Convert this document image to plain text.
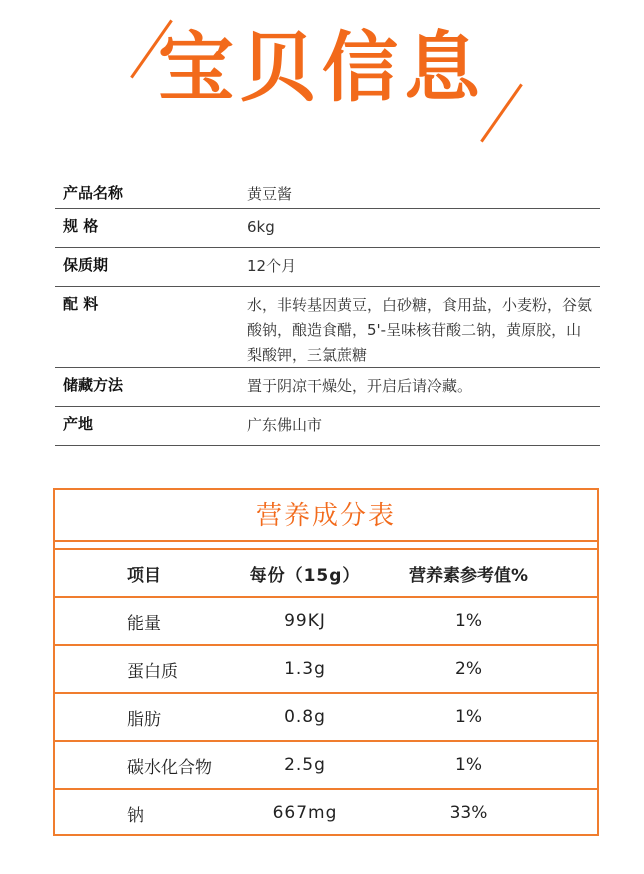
宝贝信息
产品名称	黄豆酱
规 格	6kg
保质期	12个月
配 料	水，非转基因黄豆，白砂糖，食用盐，小麦粉，谷氨酸钠，酿造食醋，5'-呈味核苷酸二钠，黄原胶，山梨酸钾，三氯蔗糖
储藏方法	置于阴凉干燥处，开启后请冷藏。
产地	广东佛山市
营养成分表
项目	每份（15g）	营养素参考值%
能量	99KJ	1%
蛋白质	1.3g	2%
脂肪	0.8g	1%
碳水化合物	2.5g	1%
钠	667mg	33%
